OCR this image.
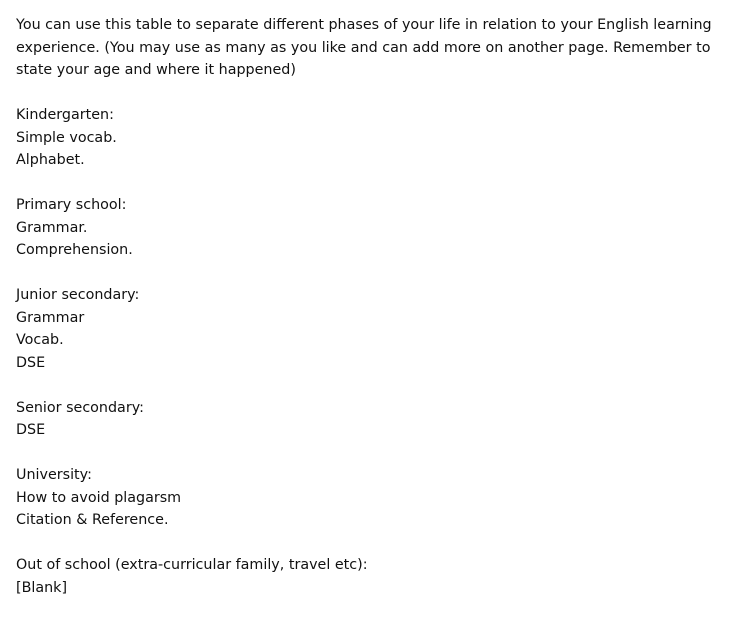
You can use this table to separate different phases of your life in relation to your English learning

experience. (You may use as many as you like and can add more on another page. Remember to

state your age and where it happened)

Kindergarten:

Simple vocab.

Alphabet.

Primary school:

Grammar.

Comprehension.

Junior secondary:

Grammar

Vocab.

DSE

Senior secondary:

DSE

University:

How to avoid plagarsm

Citation & Reference.

Out of school (extra-curricular family, travel etc):

[Blank]
